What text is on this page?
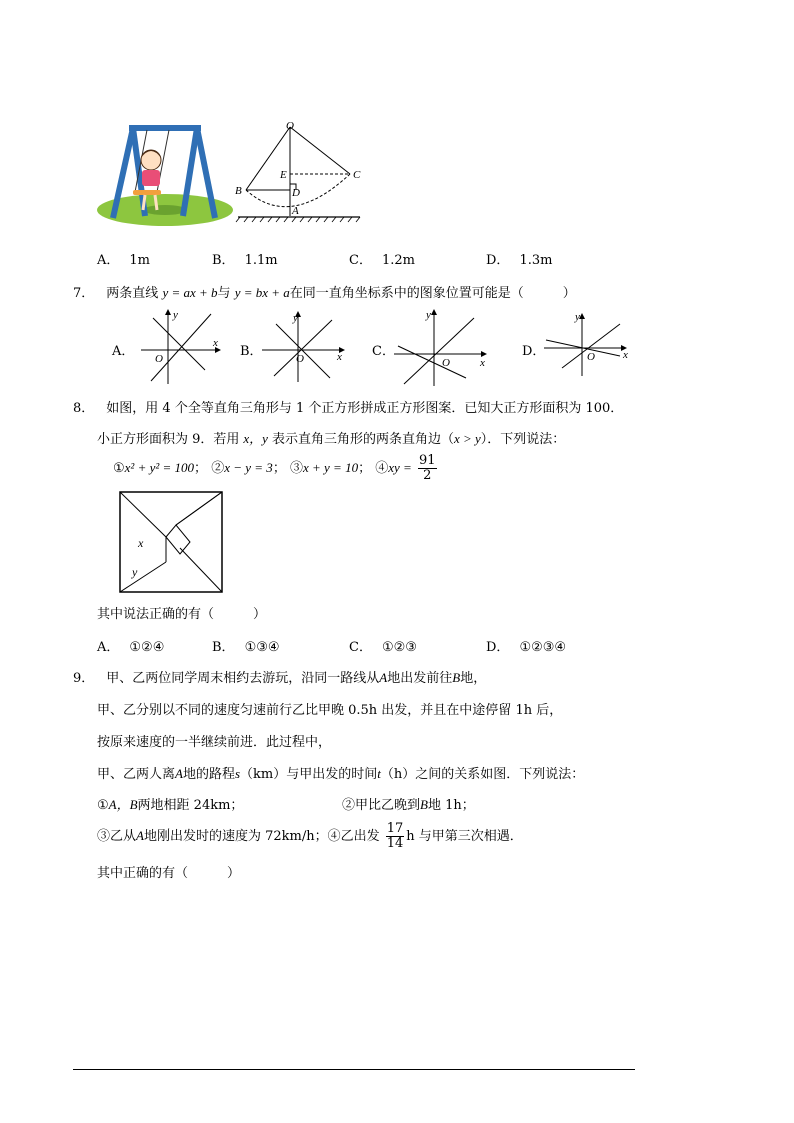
O
B
C
E
D
A
A． 1m	B． 1.1m	C． 1.2m	D． 1.3m
7． 两条直线 y = ax + b与 y = bx + a在同一直角坐标系中的图象位置可能是（　　　）
A．
x
y
O	B．	x
y
O	C．
x
y
O
D．	x
y
O
8． 如图，用 4 个全等直角三角形与 1 个正方形拼成正方形图案．已知大正方形面积为 100．
小正方形面积为 9．若用 x，y 表示直角三角形的两条直角边（x > y）．下列说法：
①x² + y² = 100； ②x − y = 3； ③x + y = 10； ④xy = $\frac{91}{2}$
x
y
其中说法正确的有（　　　）
A． ①②④	B． ①③④	C． ①②③	D． ①②③④
9． 甲、乙两位同学周末相约去游玩，沿同一路线从A地出发前往B地，
甲、乙分别以不同的速度匀速前行乙比甲晚 0.5h 出发，并且在中途停留 1h 后，
按原来速度的一半继续前进．此过程中，
甲、乙两人离A地的路程s（km）与甲出发的时间t（h）之间的关系如图．下列说法：
①A，B两地相距 24km；	②甲比乙晚到B地 1h；
③乙从A地刚出发时的速度为 72km/h；④乙出发 $\frac{17}{14}$ h 与甲第三次相遇．
其中正确的有（　　　）
